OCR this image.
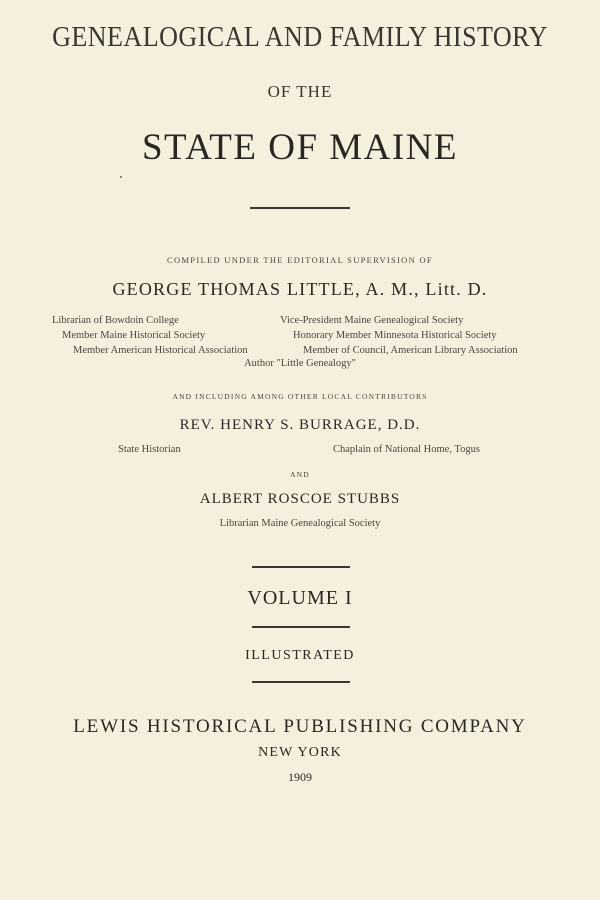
GENEALOGICAL AND FAMILY HISTORY
OF THE
STATE OF MAINE
COMPILED UNDER THE EDITORIAL SUPERVISION OF
GEORGE THOMAS LITTLE, A. M., Litt. D.
Librarian of Bowdoin College
Member Maine Historical Society
Member American Historical Association
Vice-President Maine Genealogical Society
Honorary Member Minnesota Historical Society
Member of Council, American Library Association
Author "Little Genealogy"
AND INCLUDING AMONG OTHER LOCAL CONTRIBUTORS
REV. HENRY S. BURRAGE, D.D.
State Historian	Chaplain of National Home, Togus
AND
ALBERT ROSCOE STUBBS
Librarian Maine Genealogical Society
VOLUME I
ILLUSTRATED
LEWIS HISTORICAL PUBLISHING COMPANY
NEW YORK
1909
